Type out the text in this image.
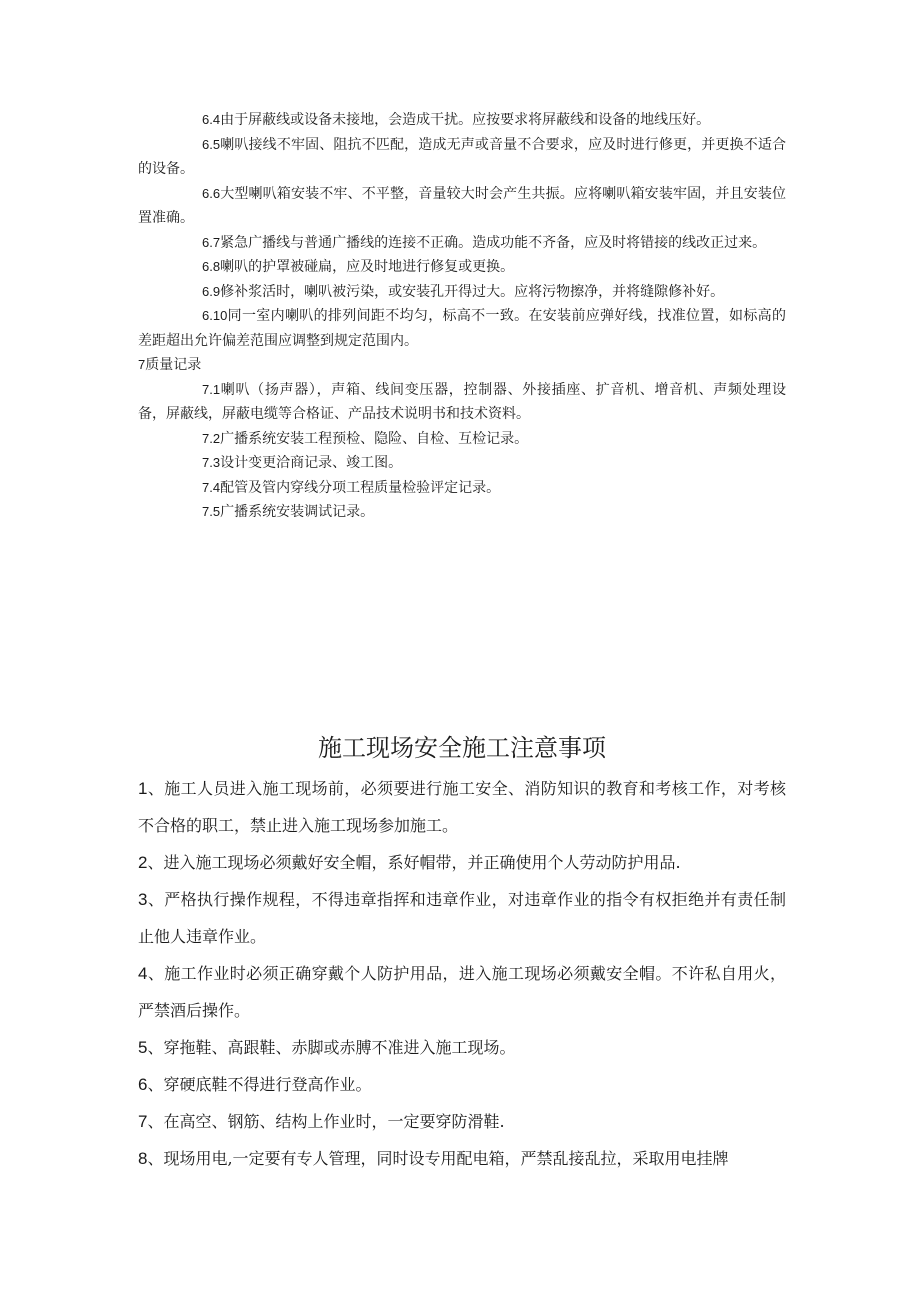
6.4由于屏蔽线或设备未接地，会造成干扰。应按要求将屏蔽线和设备的地线压好。

6.5喇叭接线不牢固、阻抗不匹配，造成无声或音量不合要求，应及时进行修更，并更换不适合的设备。

6.6大型喇叭箱安装不牢、不平整，音量较大时会产生共振。应将喇叭箱安装牢固，并且安装位置准确。

6.7紧急广播线与普通广播线的连接不正确。造成功能不齐备，应及时将错接的线改正过来。

6.8喇叭的护罩被碰扁，应及时地进行修复或更换。

6.9修补浆活时，喇叭被污染，或安装孔开得过大。应将污物擦净，并将缝隙修补好。

6.10同一室内喇叭的排列间距不均匀，标高不一致。在安装前应弹好线，找准位置，如标高的差距超出允许偏差范围应调整到规定范围内。

7质量记录

7.1喇叭（扬声器），声箱、线间变压器，控制器、外接插座、扩音机、增音机、声频处理设备，屏蔽线，屏蔽电缆等合格证、产品技术说明书和技术资料。

7.2广播系统安装工程预检、隐险、自检、互检记录。

7.3设计变更洽商记录、竣工图。

7.4配管及管内穿线分项工程质量检验评定记录。

7.5广播系统安装调试记录。

施工现场安全施工注意事项

1、施工人员进入施工现场前，必须要进行施工安全、消防知识的教育和考核工作，对考核不合格的职工，禁止进入施工现场参加施工。

2、进入施工现场必须戴好安全帽，系好帽带，并正确使用个人劳动防护用品.

3、严格执行操作规程，不得违章指挥和违章作业，对违章作业的指令有权拒绝并有责任制止他人违章作业。

4、施工作业时必须正确穿戴个人防护用品，进入施工现场必须戴安全帽。不许私自用火，严禁酒后操作。

5、穿拖鞋、高跟鞋、赤脚或赤膊不准进入施工现场。

6、穿硬底鞋不得进行登高作业。

7、在高空、钢筋、结构上作业时，一定要穿防滑鞋.

8、现场用电,一定要有专人管理，同时设专用配电箱，严禁乱接乱拉，采取用电挂牌
